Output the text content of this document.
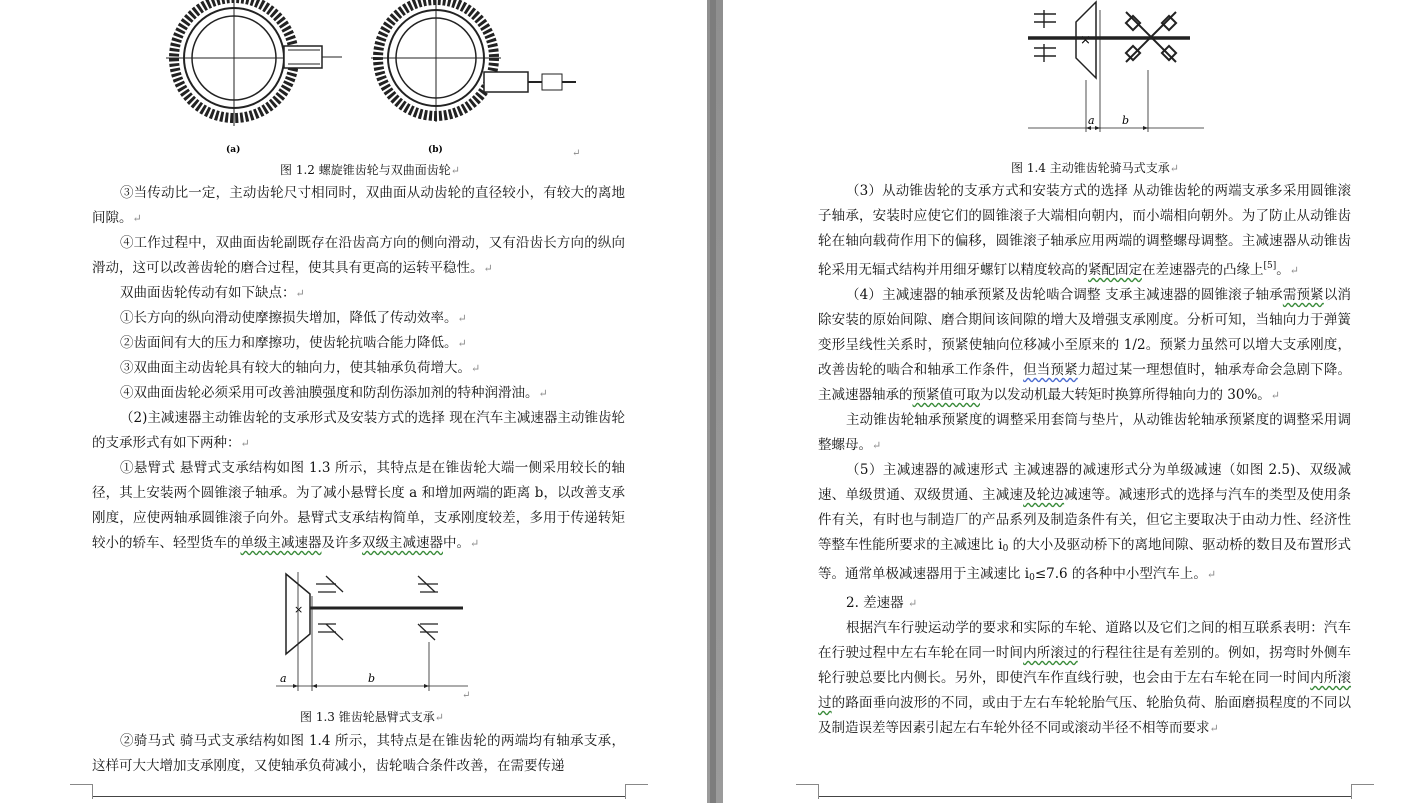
(a)	(b)	↵
图 1.2 螺旋锥齿轮与双曲面齿轮↵

③当传动比一定，主动齿轮尺寸相同时，双曲面从动齿轮的直径较小，有较大的离地间隙。↵

④工作过程中，双曲面齿轮副既存在沿齿高方向的侧向滑动，又有沿齿长方向的纵向滑动，这可以改善齿轮的磨合过程，使其具有更高的运转平稳性。↵

双曲面齿轮传动有如下缺点：↵

①长方向的纵向滑动使摩擦损失增加，降低了传动效率。↵

②齿面间有大的压力和摩擦功，使齿轮抗啮合能力降低。↵

③双曲面主动齿轮具有较大的轴向力，使其轴承负荷增大。↵

④双曲面齿轮必须采用可改善油膜强度和防刮伤添加剂的特种润滑油。↵

（2)主减速器主动锥齿轮的支承形式及安装方式的选择 现在汽车主减速器主动锥齿轮的支承形式有如下两种：↵

①悬臂式 悬臂式支承结构如图 1.3 所示，其特点是在锥齿轮大端一侧采用较长的轴径，其上安装两个圆锥滚子轴承。为了减小悬臂长度 a 和增加两端的距离 b，以改善支承刚度，应使两轴承圆锥滚子向外。悬臂式支承结构简单，支承刚度较差，多用于传递转矩较小的轿车、轻型货车的单级主减速器及许多双级主减速器中。↵

×
a	b
↵
图 1.3 锥齿轮悬臂式支承↵

②骑马式 骑马式支承结构如图 1.4 所示，其特点是在锥齿轮的两端均有轴承支承，这样可大大增加支承刚度，又使轴承负荷减小，齿轮啮合条件改善，在需要传递

×
a b
图 1.4 主动锥齿轮骑马式支承↵

（3）从动锥齿轮的支承方式和安装方式的选择 从动锥齿轮的两端支承多采用圆锥滚子轴承，安装时应使它们的圆锥滚子大端相向朝内，而小端相向朝外。为了防止从动锥齿轮在轴向载荷作用下的偏移，圆锥滚子轴承应用两端的调整螺母调整。主减速器从动锥齿轮采用无辐式结构并用细牙螺钉以精度较高的紧配固定在差速器壳的凸缘上[5]。↵

（4）主减速器的轴承预紧及齿轮啮合调整 支承主减速器的圆锥滚子轴承需预紧以消除安装的原始间隙、磨合期间该间隙的增大及增强支承刚度。分析可知，当轴向力于弹簧变形呈线性关系时，预紧使轴向位移减小至原来的 1/2。预紧力虽然可以增大支承刚度，改善齿轮的啮合和轴承工作条件，但当预紧力超过某一理想值时，轴承寿命会急剧下降。主减速器轴承的预紧值可取为以发动机最大转矩时换算所得轴向力的 30%。↵

主动锥齿轮轴承预紧度的调整采用套筒与垫片，从动锥齿轮轴承预紧度的调整采用调整螺母。↵

（5）主减速器的减速形式 主减速器的减速形式分为单级减速（如图 2.5)、双级减速、单级贯通、双级贯通、主减速及轮边减速等。减速形式的选择与汽车的类型及使用条件有关，有时也与制造厂的产品系列及制造条件有关，但它主要取决于由动力性、经济性等整车性能所要求的主减速比 $i_0$ 的大小及驱动桥下的离地间隙、驱动桥的数目及布置形式等。通常单极减速器用于主减速比 $i_0\le 7.6$ 的各种中小型汽车上。↵

2. 差速器 ↵

根据汽车行驶运动学的要求和实际的车轮、道路以及它们之间的相互联系表明：汽车在行驶过程中左右车轮在同一时间内所滚过的行程往往是有差别的。例如，拐弯时外侧车轮行驶总要比内侧长。另外，即使汽车作直线行驶，也会由于左右车轮在同一时间内所滚过的路面垂向波形的不同，或由于左右车轮轮胎气压、轮胎负荷、胎面磨损程度的不同以及制造误差等因素引起左右车轮外径不同或滚动半径不相等而要求↵
